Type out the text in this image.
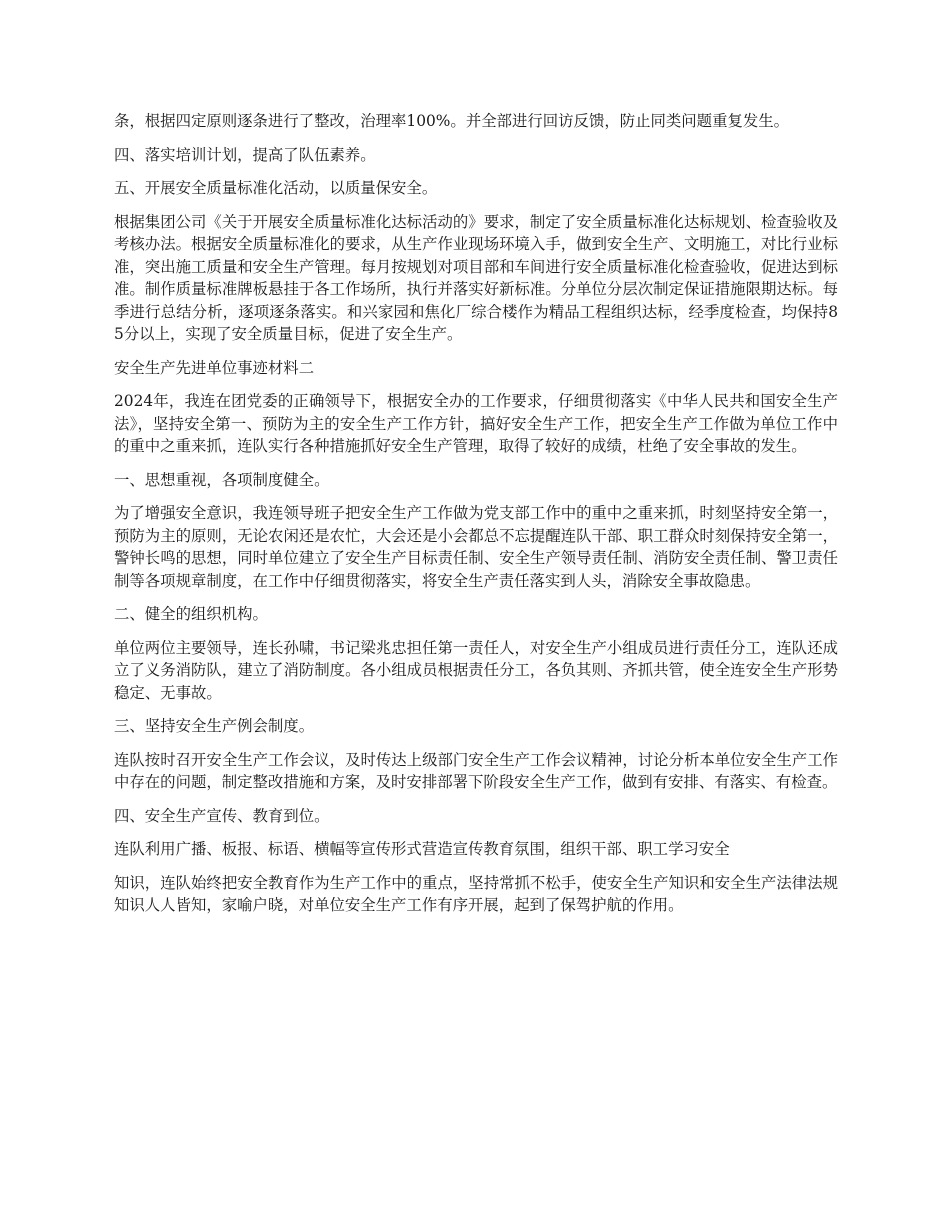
条，根据四定原则逐条进行了整改，治理率100%。并全部进行回访反馈，防止同类问题重复发生。

四、落实培训计划，提高了队伍素养。

五、开展安全质量标准化活动，以质量保安全。

根据集团公司《关于开展安全质量标准化达标活动的》要求，制定了安全质量标准化达标规划、检查验收及考核办法。根据安全质量标准化的要求，从生产作业现场环境入手，做到安全生产、文明施工，对比行业标准，突出施工质量和安全生产管理。每月按规划对项目部和车间进行安全质量标准化检查验收，促进达到标准。制作质量标准牌板悬挂于各工作场所，执行并落实好新标准。分单位分层次制定保证措施限期达标。每季进行总结分析，逐项逐条落实。和兴家园和焦化厂综合楼作为精品工程组织达标，经季度检查，均保持85分以上，实现了安全质量目标，促进了安全生产。

安全生产先进单位事迹材料二

2024年，我连在团党委的正确领导下，根据安全办的工作要求，仔细贯彻落实《中华人民共和国安全生产法》，坚持安全第一、预防为主的安全生产工作方针，搞好安全生产工作，把安全生产工作做为单位工作中的重中之重来抓，连队实行各种措施抓好安全生产管理，取得了较好的成绩，杜绝了安全事故的发生。

一、思想重视，各项制度健全。

为了增强安全意识，我连领导班子把安全生产工作做为党支部工作中的重中之重来抓，时刻坚持安全第一，预防为主的原则，无论农闲还是农忙，大会还是小会都总不忘提醒连队干部、职工群众时刻保持安全第一，警钟长鸣的思想，同时单位建立了安全生产目标责任制、安全生产领导责任制、消防安全责任制、警卫责任制等各项规章制度，在工作中仔细贯彻落实，将安全生产责任落实到人头，消除安全事故隐患。

二、健全的组织机构。

单位两位主要领导，连长孙啸，书记梁兆忠担任第一责任人，对安全生产小组成员进行责任分工，连队还成立了义务消防队，建立了消防制度。各小组成员根据责任分工，各负其则、齐抓共管，使全连安全生产形势稳定、无事故。

三、坚持安全生产例会制度。

连队按时召开安全生产工作会议，及时传达上级部门安全生产工作会议精神，讨论分析本单位安全生产工作中存在的问题，制定整改措施和方案，及时安排部署下阶段安全生产工作，做到有安排、有落实、有检查。

四、安全生产宣传、教育到位。

连队利用广播、板报、标语、横幅等宣传形式营造宣传教育氛围，组织干部、职工学习安全

知识，连队始终把安全教育作为生产工作中的重点，坚持常抓不松手，使安全生产知识和安全生产法律法规知识人人皆知，家喻户晓，对单位安全生产工作有序开展，起到了保驾护航的作用。
